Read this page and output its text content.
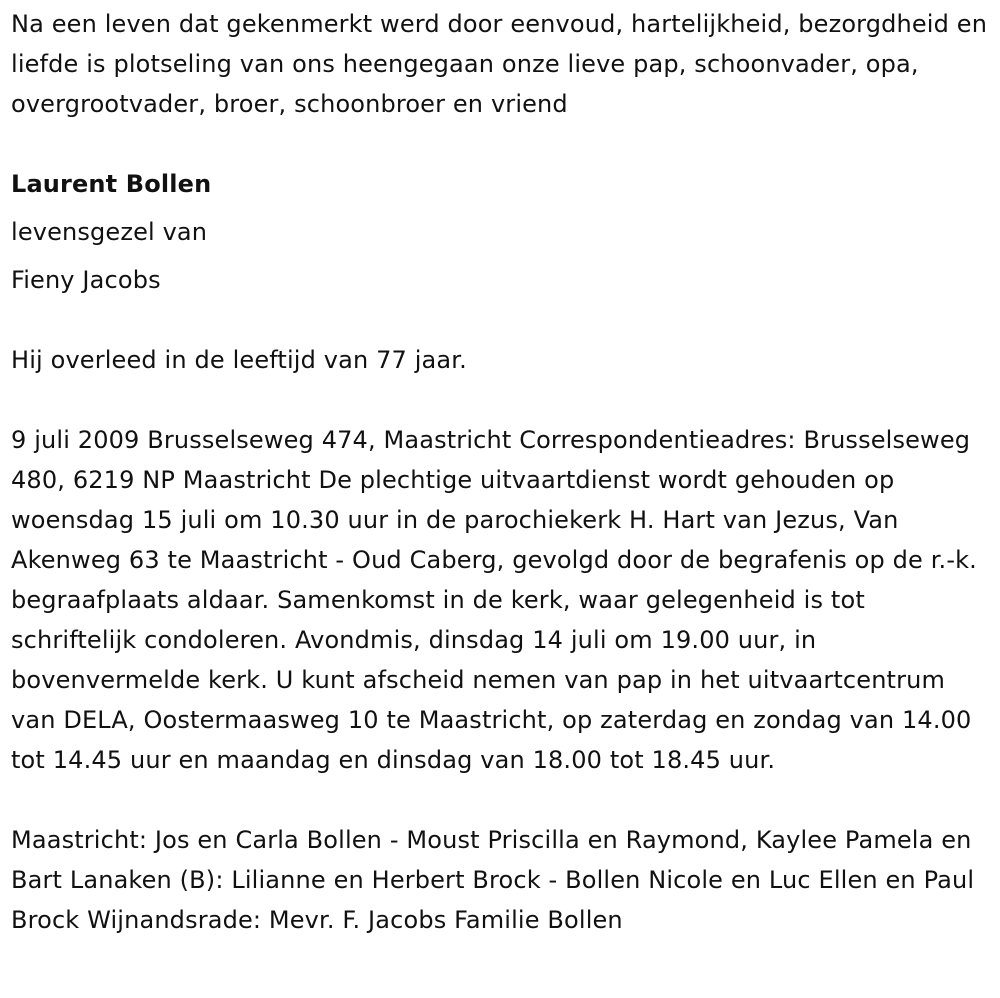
Na een leven dat gekenmerkt werd door eenvoud, hartelijkheid, bezorgdheid en liefde is plotseling van ons heengegaan onze lieve pap, schoonvader, opa, overgrootvader, broer, schoonbroer en vriend

Laurent Bollen

levensgezel van

Fieny Jacobs

Hij overleed in de leeftijd van 77 jaar.

9 juli 2009 Brusselseweg 474, Maastricht Correspondentieadres: Brusselseweg 480, 6219 NP Maastricht De plechtige uitvaartdienst wordt gehouden op woensdag 15 juli om 10.30 uur in de parochiekerk H. Hart van Jezus, Van Akenweg 63 te Maastricht - Oud Caberg, gevolgd door de begrafenis op de r.-k. begraafplaats aldaar. Samenkomst in de kerk, waar gelegenheid is tot schriftelijk condoleren. Avondmis, dinsdag 14 juli om 19.00 uur, in bovenvermelde kerk. U kunt afscheid nemen van pap in het uitvaartcentrum van DELA, Oostermaasweg 10 te Maastricht, op zaterdag en zondag van 14.00 tot 14.45 uur en maandag en dinsdag van 18.00 tot 18.45 uur.

Maastricht: Jos en Carla Bollen - Moust Priscilla en Raymond, Kaylee Pamela en Bart Lanaken (B): Lilianne en Herbert Brock - Bollen Nicole en Luc Ellen en Paul Brock Wijnandsrade: Mevr. F. Jacobs Familie Bollen
